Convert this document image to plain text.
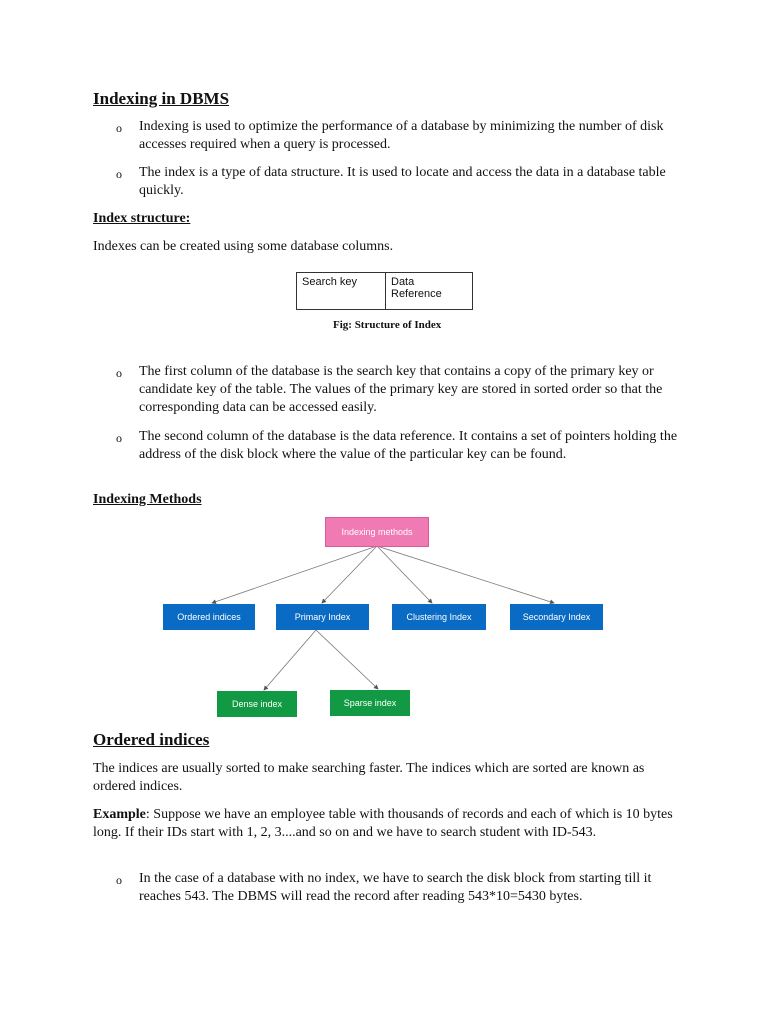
Indexing in DBMS
o Indexing is used to optimize the performance of a database by minimizing the number of disk accesses required when a query is processed.
o The index is a type of data structure. It is used to locate and access the data in a database table quickly.
Index structure:
Indexes can be created using some database columns.
Search key	Data
Reference
Fig: Structure of Index
o The first column of the database is the search key that contains a copy of the primary key or candidate key of the table. The values of the primary key are stored in sorted order so that the corresponding data can be accessed easily.
o The second column of the database is the data reference. It contains a set of pointers holding the address of the disk block where the value of the particular key can be found.
Indexing Methods
Indexing methods
Ordered indices	Primary Index	Clustering Index	Secondary Index
Dense index	Sparse index
Ordered indices
The indices are usually sorted to make searching faster. The indices which are sorted are known as ordered indices.
Example: Suppose we have an employee table with thousands of records and each of which is 10 bytes long. If their IDs start with 1, 2, 3....and so on and we have to search student with ID-543.
o In the case of a database with no index, we have to search the disk block from starting till it reaches 543. The DBMS will read the record after reading 543*10=5430 bytes.
